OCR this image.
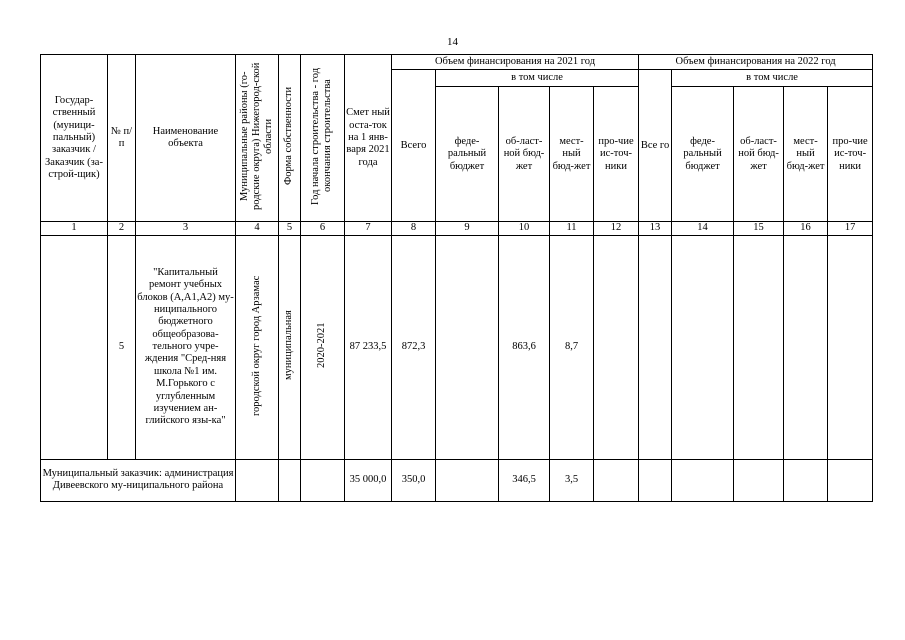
14
Государ-ственный (муници-пальный) заказчик /Заказчик (за-строй-щик)	№ п/п	Наименование объекта	Муниципальные районы (го-родские округа) Нижегород-ской области	Форма собственности	Год начала строительства - год окончания строительства	Смет ный оста-ток на 1 янв-варя 2021 года	Объем финансирования на 2021 год					Объем финансирования на 2022 год				
							Всего	в том числе				Все го	в том числе			
								феде-ральный бюджет	об-ласт-ной бюд-жет	мест-ный бюд-жет	про-чие ис-точ-ники		феде-ральный бюджет	об-ласт-ной бюд-жет	мест-ный бюд-жет	про-чие ис-точ-ники
1	2	3	4	5	6	7	8	9	10	11	12	13	14	15	16	17
	5	"Капитальный ремонт учебных блоков (А,А1,А2) му-ниципального бюджетного общеобразова-тельного учре-ждения "Сред-няя школа №1 им. М.Горького с углубленным изучением ан-глийского язы-ка"	городской округ город Арзамас	муниципальная	2020-2021	87 233,5	872,3		863,6	8,7						
Муниципальный заказчик: администрация Дивеевского му-ниципального района						35 000,0	350,0		346,5	3,5						
